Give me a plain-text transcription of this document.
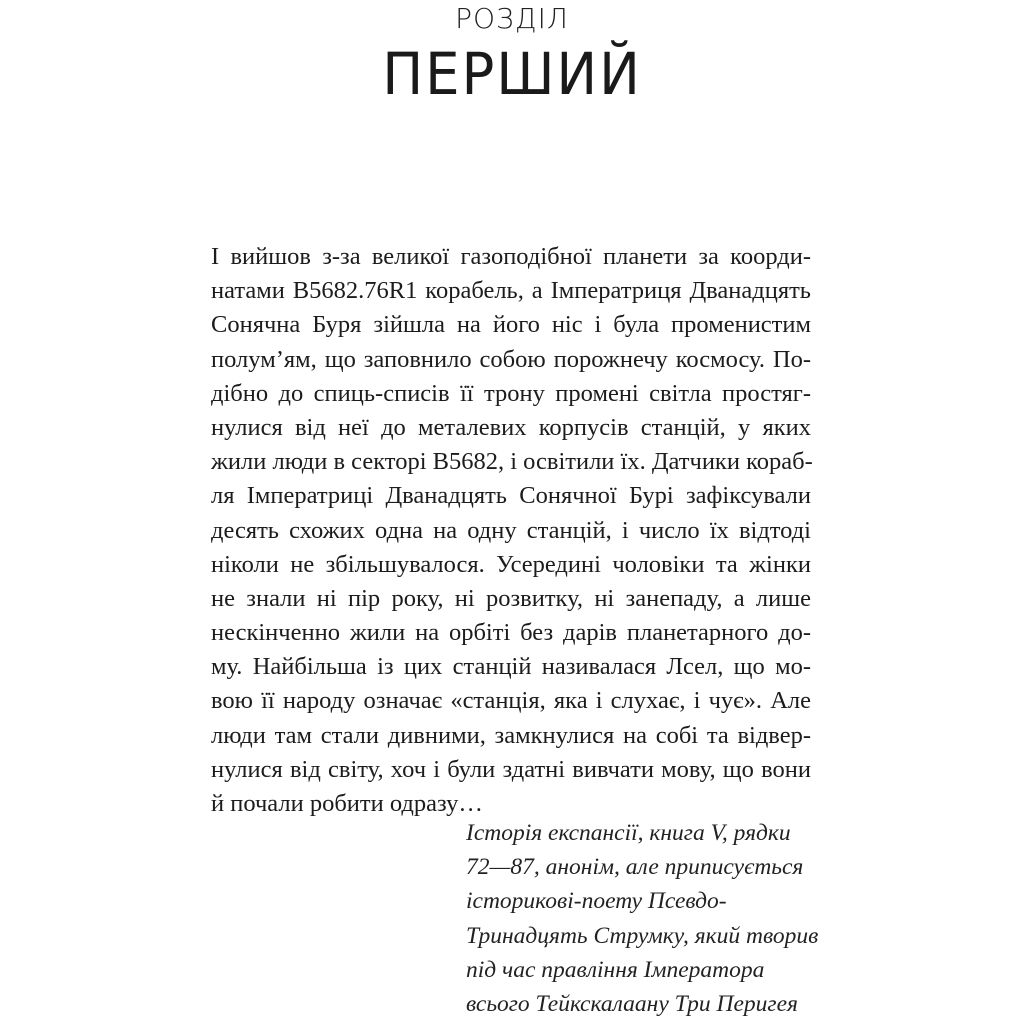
РОЗДІЛ
ПЕРШИЙ
І вийшов з-за великої газоподібної планети за коорди-
натами В5682.76R1 корабель, а Імператриця Дванадцять
Сонячна Буря зійшла на його ніс і була променистим
полум’ям, що заповнило собою порожнечу космосу. По-
дібно до спиць-списів її трону промені світла простяг-
нулися від неї до металевих корпусів станцій, у яких
жили люди в секторі В5682, і освітили їх. Датчики кораб-
ля Імператриці Дванадцять Сонячної Бурі зафіксували
десять схожих одна на одну станцій, і число їх відтоді
ніколи не збільшувалося. Усередині чоловіки та жінки
не знали ні пір року, ні розвитку, ні занепаду, а лише
нескінченно жили на орбіті без дарів планетарного до-
му. Найбільша із цих станцій називалася Лсел, що мо-
вою її народу означає «станція, яка і слухає, і чує». Але
люди там стали дивними, замкнулися на собі та відвер-
нулися від світу, хоч і були здатні вивчати мову, що вони
й почали робити одразу…
Історія експансії, книга V, рядки
72—87, анонім, але приписується
історикові-поету Псевдо-
Тринадцять Струмку, який творив
під час правління Імператора
всього Тейкскалаану Три Перигея
